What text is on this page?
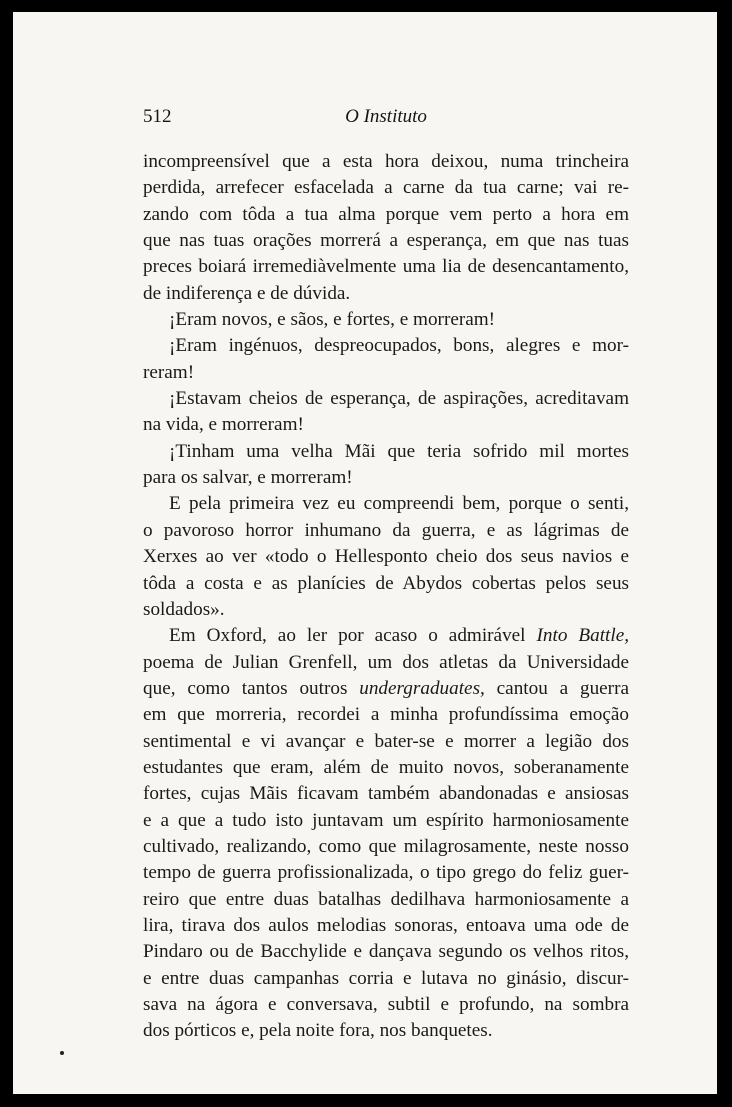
512	O Instituto

incompreensível que a esta hora deixou, numa trincheira
perdida, arrefecer esfacelada a carne da tua carne; vai re-
zando com tôda a tua alma porque vem perto a hora em
que nas tuas orações morrerá a esperança, em que nas tuas
preces boiará irremediàvelmente uma lia de desencantamento,
de indiferença e de dúvida.

¡Eram novos, e sãos, e fortes, e morreram!

¡Eram ingénuos, despreocupados, bons, alegres e mor-
reram!

¡Estavam cheios de esperança, de aspirações, acreditavam
na vida, e morreram!

¡Tinham uma velha Mãi que teria sofrido mil mortes
para os salvar, e morreram!

E pela primeira vez eu compreendi bem, porque o senti,
o pavoroso horror inhumano da guerra, e as lágrimas de
Xerxes ao ver «todo o Hellesponto cheio dos seus navios e
tôda a costa e as planícies de Abydos cobertas pelos seus
soldados».

Em Oxford, ao ler por acaso o admirável Into Battle,
poema de Julian Grenfell, um dos atletas da Universidade
que, como tantos outros undergraduates, cantou a guerra
em que morreria, recordei a minha profundíssima emoção
sentimental e vi avançar e bater-se e morrer a legião dos
estudantes que eram, além de muito novos, soberanamente
fortes, cujas Mãis ficavam também abandonadas e ansiosas
e a que a tudo isto juntavam um espírito harmoniosamente
cultivado, realizando, como que milagrosamente, neste nosso
tempo de guerra profissionalizada, o tipo grego do feliz guer-
reiro que entre duas batalhas dedilhava harmoniosamente a
lira, tirava dos aulos melodias sonoras, entoava uma ode de
Pindaro ou de Bacchylide e dançava segundo os velhos ritos,
e entre duas campanhas corria e lutava no ginásio, discur-
sava na ágora e conversava, subtil e profundo, na sombra
dos pórticos e, pela noite fora, nos banquetes.
